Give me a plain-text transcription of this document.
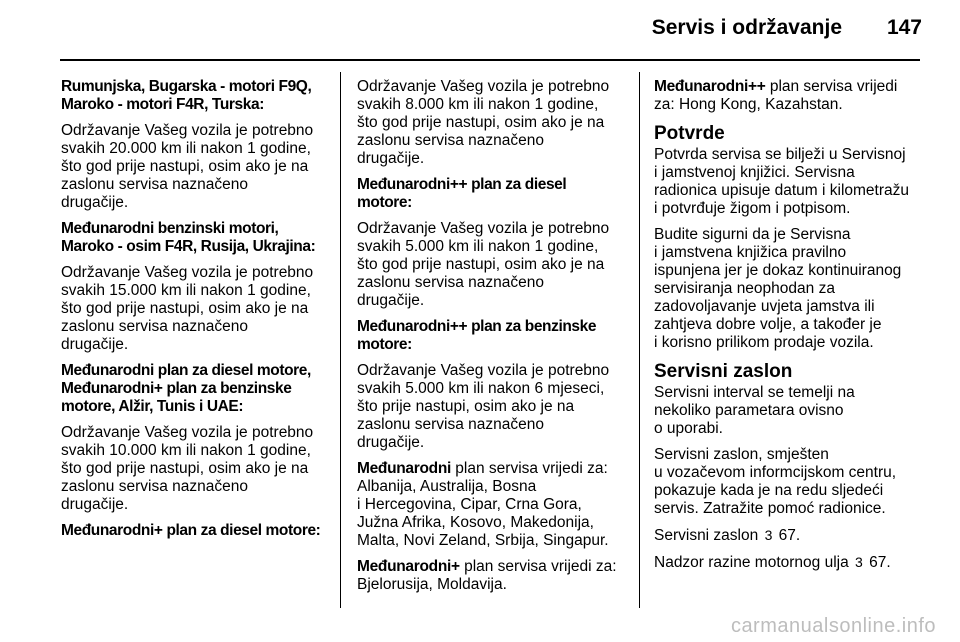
Servis i održavanje 147

Rumunjska, Bugarska - motori F9Q,
Maroko - motori F4R, Turska:

Održavanje Vašeg vozila je potrebno
svakih 20.000 km ili nakon 1 godine,
što god prije nastupi, osim ako je na
zaslonu servisa naznačeno
drugačije.

Međunarodni benzinski motori,
Maroko - osim F4R, Rusija, Ukrajina:

Održavanje Vašeg vozila je potrebno
svakih 15.000 km ili nakon 1 godine,
što god prije nastupi, osim ako je na
zaslonu servisa naznačeno
drugačije.

Međunarodni plan za diesel motore,
Međunarodni+ plan za benzinske
motore, Alžir, Tunis i UAE:

Održavanje Vašeg vozila je potrebno
svakih 10.000 km ili nakon 1 godine,
što god prije nastupi, osim ako je na
zaslonu servisa naznačeno
drugačije.

Međunarodni+ plan za diesel motore:

Održavanje Vašeg vozila je potrebno
svakih 8.000 km ili nakon 1 godine,
što god prije nastupi, osim ako je na
zaslonu servisa naznačeno
drugačije.

Međunarodni++ plan za diesel
motore:

Održavanje Vašeg vozila je potrebno
svakih 5.000 km ili nakon 1 godine,
što god prije nastupi, osim ako je na
zaslonu servisa naznačeno
drugačije.

Međunarodni++ plan za benzinske
motore:

Održavanje Vašeg vozila je potrebno
svakih 5.000 km ili nakon 6 mjeseci,
što prije nastupi, osim ako je na
zaslonu servisa naznačeno
drugačije.

Međunarodni plan servisa vrijedi za:
Albanija, Australija, Bosna
i Hercegovina, Cipar, Crna Gora,
Južna Afrika, Kosovo, Makedonija,
Malta, Novi Zeland, Srbija, Singapur.

Međunarodni+ plan servisa vrijedi za:
Bjelorusija, Moldavija.

Međunarodni++ plan servisa vrijedi
za: Hong Kong, Kazahstan.

Potvrde

Potvrda servisa se bilježi u Servisnoj
i jamstvenoj knjižici. Servisna
radionica upisuje datum i kilometražu
i potvrđuje žigom i potpisom.

Budite sigurni da je Servisna
i jamstvena knjižica pravilno
ispunjena jer je dokaz kontinuiranog
servisiranja neophodan za
zadovoljavanje uvjeta jamstva ili
zahtjeva dobre volje, a također je
i korisno prilikom prodaje vozila.

Servisni zaslon

Servisni interval se temelji na
nekoliko parametara ovisno
o uporabi.

Servisni zaslon, smješten
u vozačevom informcijskom centru,
pokazuje kada je na redu sljedeći
servis. Zatražite pomoć radionice.

Servisni zaslon 3 67.

Nadzor razine motornog ulja 3 67.

carmanualsonline.info
